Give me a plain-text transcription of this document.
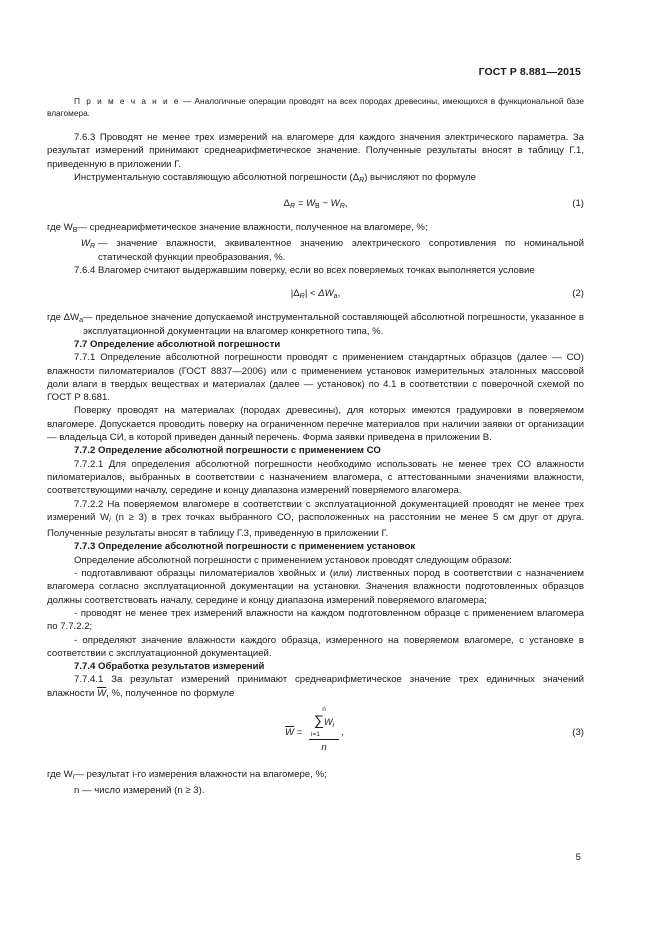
ГОСТ Р 8.881—2015

П р и м е ч а н и е — Аналогичные операции проводят на всех породах древесины, имеющихся в функциональной базе влагомера.

7.6.3 Проводят не менее трех измерений на влагомере для каждого значения электрического параметра. За результат измерений принимают среднеарифметическое значение. Полученные результаты вносят в таблицу Г.1, приведенную в приложении Г.

Инструментальную составляющую абсолютной погрешности $(\Delta_R)$ вычисляют по формуле

$\Delta_R = W_В - W_R$,	(1)
где $W_В$ — среднеарифметическое значение влажности, полученное на влагомере, %;
$W_R$ — значение влажности, эквивалентное значению электрического сопротивления по номинальной статической функции преобразования, %.

7.6.4 Влагомер считают выдержавшим поверку, если во всех поверяемых точках выполняется условие

$|\Delta_R| < \Delta W_a$,	(2)
где $\Delta W_a$ — предельное значение допускаемой инструментальной составляющей абсолютной погрешности, указанное в эксплуатационной документации на влагомер конкретного типа, %.

7.7 Определение абсолютной погрешности

7.7.1 Определение абсолютной погрешности проводят с применением стандартных образцов (далее — СО) влажности пиломатериалов (ГОСТ 8837—2006) или с применением установок измерительных эталонных массовой доли влаги в твердых веществах и материалах (далее — установок) по 4.1 в соответствии с поверочной схемой по ГОСТ Р 8.681.

Поверку проводят на материалах (породах древесины), для которых имеются градуировки в поверяемом влагомере. Допускается проводить поверку на ограниченном перечне материалов при наличии заявки от организации — владельца СИ, в которой приведен данный перечень. Форма заявки приведена в приложении В.

7.7.2 Определение абсолютной погрешности с применением СО

7.7.2.1 Для определения абсолютной погрешности необходимо использовать не менее трех СО влажности пиломатериалов, выбранных в соответствии с назначением влагомера, с аттестованными значениями влажности, соответствующими началу, середине и концу диапазона измерений поверяемого влагомера.

7.7.2.2 На поверяемом влагомере в соответствии с эксплуатационной документацией проводят не менее трех измерений $W_i$ (n ≥ 3) в трех точках выбранного СО, расположенных на расстоянии не менее 5 см друг от друга. Полученные результаты вносят в таблицу Г.3, приведенную в приложении Г.

7.7.3 Определение абсолютной погрешности с применением установок

Определение абсолютной погрешности с применением установок проводят следующим образом:

- подготавливают образцы пиломатериалов хвойных и (или) лиственных пород в соответствии с назначением влагомера согласно эксплуатационной документации на установки. Значения влажности подготовленных образцов должны соответствовать началу, середине и концу диапазона измерений поверяемого влагомера;

- проводят не менее трех измерений влажности на каждом подготовленном образце с применением влагомера по 7.7.2.2;

- определяют значение влажности каждого образца, измеренного на поверяемом влагомере, с установке в соответствии с эксплуатационной документацией.

7.7.4 Обработка результатов измерений

7.7.4.1 За результат измерений принимают среднеарифметическое значение трех единичных значений влажности $\overline{W}$, %, полученное по формуле

$\overline{W}$ =
n
$\sum W_i$
i=1
n
,	(3)
где $W_i$ — результат i-го измерения влажности на влагомере, %;

n — число измерений (n ≥ 3).

5
